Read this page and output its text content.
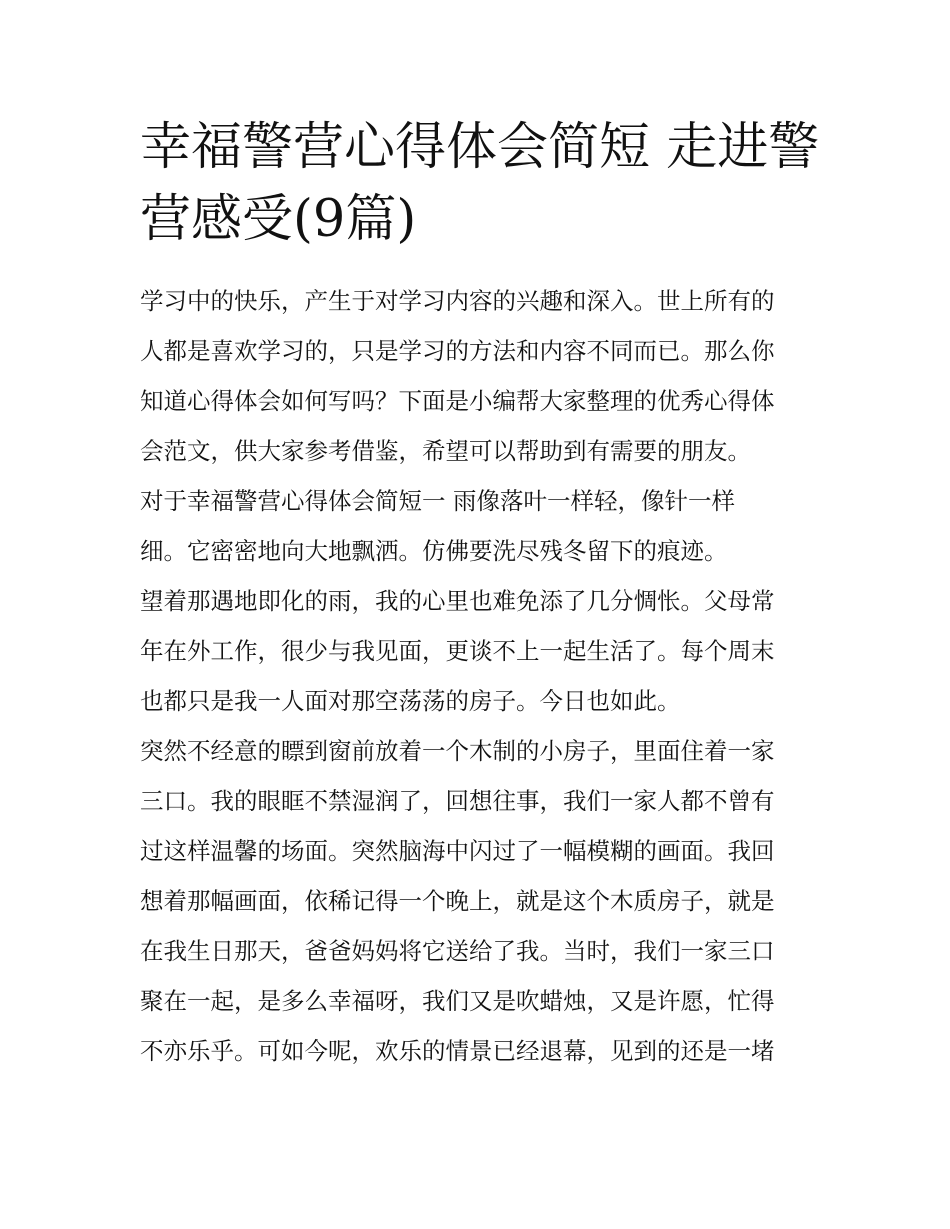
幸福警营心得体会简短 走进警
营感受(9篇)
学习中的快乐，产生于对学习内容的兴趣和深入。世上所有的
人都是喜欢学习的，只是学习的方法和内容不同而已。那么你
知道心得体会如何写吗？下面是小编帮大家整理的优秀心得体
会范文，供大家参考借鉴，希望可以帮助到有需要的朋友。
对于幸福警营心得体会简短一 雨像落叶一样轻，像针一样
细。它密密地向大地飘洒。仿佛要洗尽残冬留下的痕迹。
望着那遇地即化的雨，我的心里也难免添了几分惆怅。父母常
年在外工作，很少与我见面，更谈不上一起生活了。每个周末
也都只是我一人面对那空荡荡的房子。今日也如此。
突然不经意的瞟到窗前放着一个木制的小房子，里面住着一家
三口。我的眼眶不禁湿润了，回想往事，我们一家人都不曾有
过这样温馨的场面。突然脑海中闪过了一幅模糊的画面。我回
想着那幅画面，依稀记得一个晚上，就是这个木质房子，就是
在我生日那天，爸爸妈妈将它送给了我。当时，我们一家三口
聚在一起，是多么幸福呀，我们又是吹蜡烛，又是许愿，忙得
不亦乐乎。可如今呢，欢乐的情景已经退幕，见到的还是一堵
